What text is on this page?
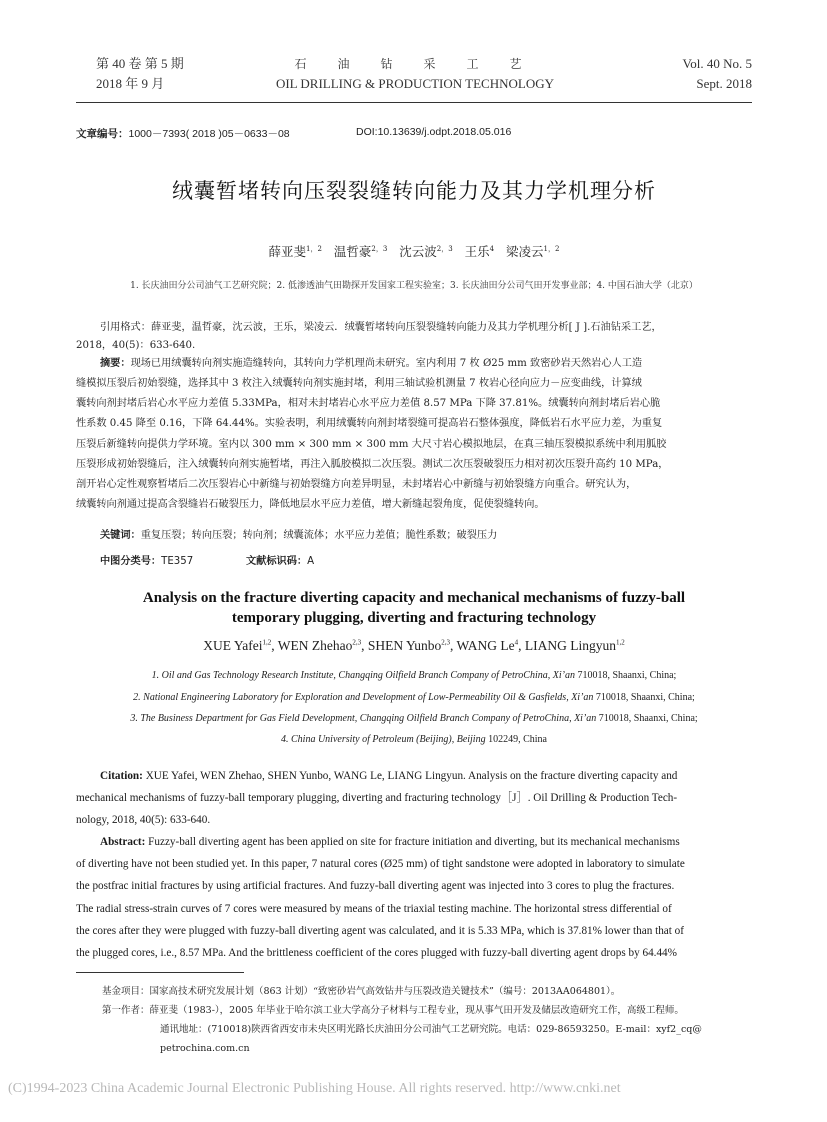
第 40 卷 第 5 期
2018 年 9 月
石 油 钻 采 工 艺
OIL DRILLING & PRODUCTION TECHNOLOGY
Vol. 40 No. 5
Sept. 2018
文章编号：1000－7393( 2018 )05－0633－08	DOI:10.13639/j.odpt.2018.05.016
绒囊暂堵转向压裂裂缝转向能力及其力学机理分析
薛亚斐$^{1,2}$ 温哲豪$^{2,3}$ 沈云波$^{2,3}$ 王乐$^4$ 梁凌云$^{1,2}$
1. 长庆油田分公司油气工艺研究院；2. 低渗透油气田勘探开发国家工程实验室；3. 长庆油田分公司气田开发事业部；4. 中国石油大学（北京）
引用格式：薛亚斐，温哲豪，沈云波，王乐，梁凌云．绒囊暂堵转向压裂裂缝转向能力及其力学机理分析[ J ].石油钻采工艺，
2018，40(5)：633-640.
摘要：现场已用绒囊转向剂实施造缝转向，其转向力学机理尚未研究。室内利用 7 枚 Ø25 mm 致密砂岩天然岩心人工造
缝模拟压裂后初始裂缝，选择其中 3 枚注入绒囊转向剂实施封堵，利用三轴试验机测量 7 枚岩心径向应力－应变曲线，计算绒
囊转向剂封堵后岩心水平应力差值 5.33MPa，相对未封堵岩心水平应力差值 8.57 MPa 下降 37.81%。绒囊转向剂封堵后岩心脆
性系数 0.45 降至 0.16，下降 64.44%。实验表明，利用绒囊转向剂封堵裂缝可提高岩石整体强度，降低岩石水平应力差，为重复
压裂后新缝转向提供力学环境。室内以 300 mm × 300 mm × 300 mm 大尺寸岩心模拟地层，在真三轴压裂模拟系统中利用胍胶
压裂形成初始裂缝后，注入绒囊转向剂实施暂堵，再注入胍胶模拟二次压裂。测试二次压裂破裂压力相对初次压裂升高约 10 MPa，
剖开岩心定性观察暂堵后二次压裂岩心中新缝与初始裂缝方向差异明显，未封堵岩心中新缝与初始裂缝方向重合。研究认为，
绒囊转向剂通过提高含裂缝岩石破裂压力，降低地层水平应力差值，增大新缝起裂角度，促使裂缝转向。
关键词：重复压裂；转向压裂；转向剂；绒囊流体；水平应力差值；脆性系数；破裂压力
中图分类号：TE357	文献标识码：A
Analysis on the fracture diverting capacity and mechanical mechanisms of fuzzy-ball
temporary plugging, diverting and fracturing technology
XUE Yafei$^{1,2}$, WEN Zhehao$^{2,3}$, SHEN Yunbo$^{2,3}$, WANG Le$^4$, LIANG Lingyun$^{1,2}$
1. Oil and Gas Technology Research Institute, Changqing Oilfield Branch Company of PetroChina, Xi’an 710018, Shaanxi, China;
2. National Engineering Laboratory for Exploration and Development of Low-Permeability Oil & Gasfields, Xi’an 710018, Shaanxi, China;
3. The Business Department for Gas Field Development, Changqing Oilfield Branch Company of PetroChina, Xi’an 710018, Shaanxi, China;
4. China University of Petroleum (Beijing), Beijing 102249, China
Citation: XUE Yafei, WEN Zhehao, SHEN Yunbo, WANG Le, LIANG Lingyun. Analysis on the fracture diverting capacity and
mechanical mechanisms of fuzzy-ball temporary plugging, diverting and fracturing technology［J］. Oil Drilling & Production Tech-
nology, 2018, 40(5): 633-640.
Abstract: Fuzzy-ball diverting agent has been applied on site for fracture initiation and diverting, but its mechanical mechanisms
of diverting have not been studied yet. In this paper, 7 natural cores (Ø25 mm) of tight sandstone were adopted in laboratory to simulate
the postfrac initial fractures by using artificial fractures. And fuzzy-ball diverting agent was injected into 3 cores to plug the fractures.
The radial stress-strain curves of 7 cores were measured by means of the triaxial testing machine. The horizontal stress differential of
the cores after they were plugged with fuzzy-ball diverting agent was calculated, and it is 5.33 MPa, which is 37.81% lower than that of
the plugged cores, i.e., 8.57 MPa. And the brittleness coefficient of the cores plugged with fuzzy-ball diverting agent drops by 64.44%
基金项目：国家高技术研究发展计划（863 计划）“致密砂岩气高效钻井与压裂改造关键技术”（编号：2013AA064801）。
第一作者：薛亚斐（1983-），2005 年毕业于哈尔滨工业大学高分子材料与工程专业，现从事气田开发及储层改造研究工作，高级工程师。
通讯地址：(710018)陕西省西安市未央区明光路长庆油田分公司油气工艺研究院。电话：029-86593250。E-mail：xyf2_cq@
petrochina.com.cn
(C)1994-2023 China Academic Journal Electronic Publishing House. All rights reserved. http://www.cnki.net
